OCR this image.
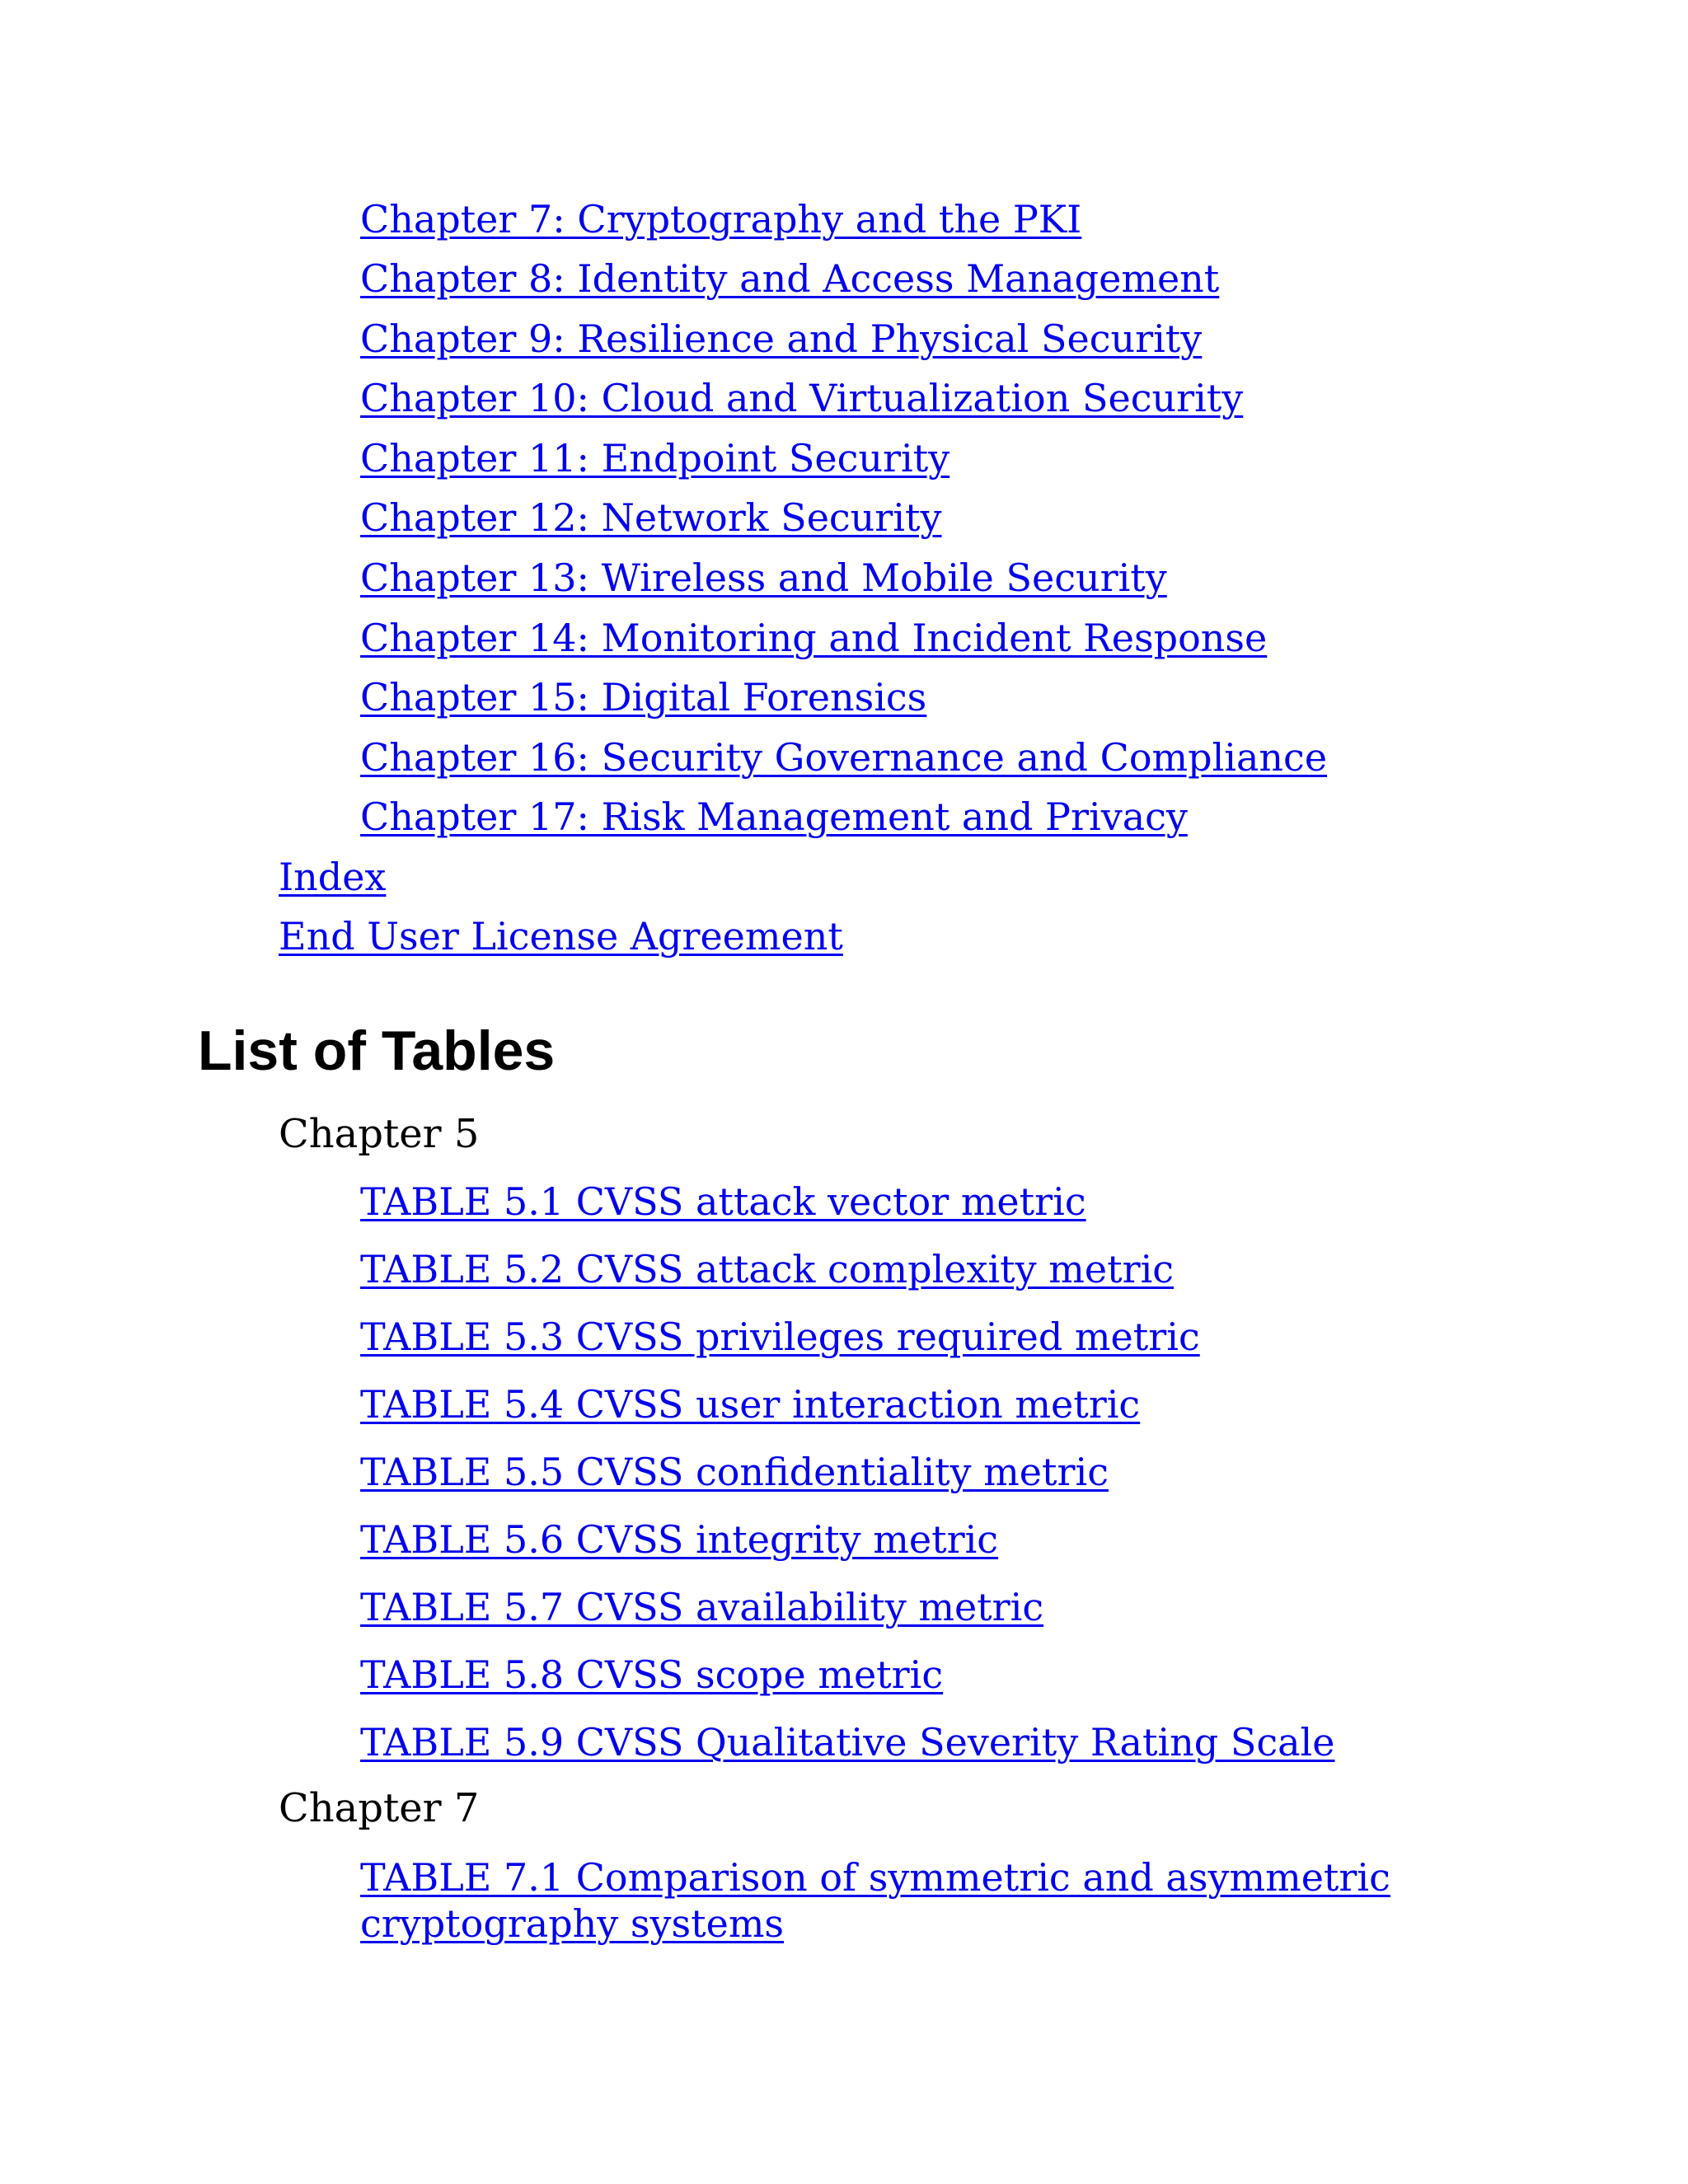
Chapter 7: Cryptography and the PKI
Chapter 8: Identity and Access Management
Chapter 9: Resilience and Physical Security
Chapter 10: Cloud and Virtualization Security
Chapter 11: Endpoint Security
Chapter 12: Network Security
Chapter 13: Wireless and Mobile Security
Chapter 14: Monitoring and Incident Response
Chapter 15: Digital Forensics
Chapter 16: Security Governance and Compliance
Chapter 17: Risk Management and Privacy
Index
End User License Agreement
List of Tables
Chapter 5
TABLE 5.1 CVSS attack vector metric
TABLE 5.2 CVSS attack complexity metric
TABLE 5.3 CVSS privileges required metric
TABLE 5.4 CVSS user interaction metric
TABLE 5.5 CVSS confidentiality metric
TABLE 5.6 CVSS integrity metric
TABLE 5.7 CVSS availability metric
TABLE 5.8 CVSS scope metric
TABLE 5.9 CVSS Qualitative Severity Rating Scale
Chapter 7
TABLE 7.1 Comparison of symmetric and asymmetric cryptography systems
